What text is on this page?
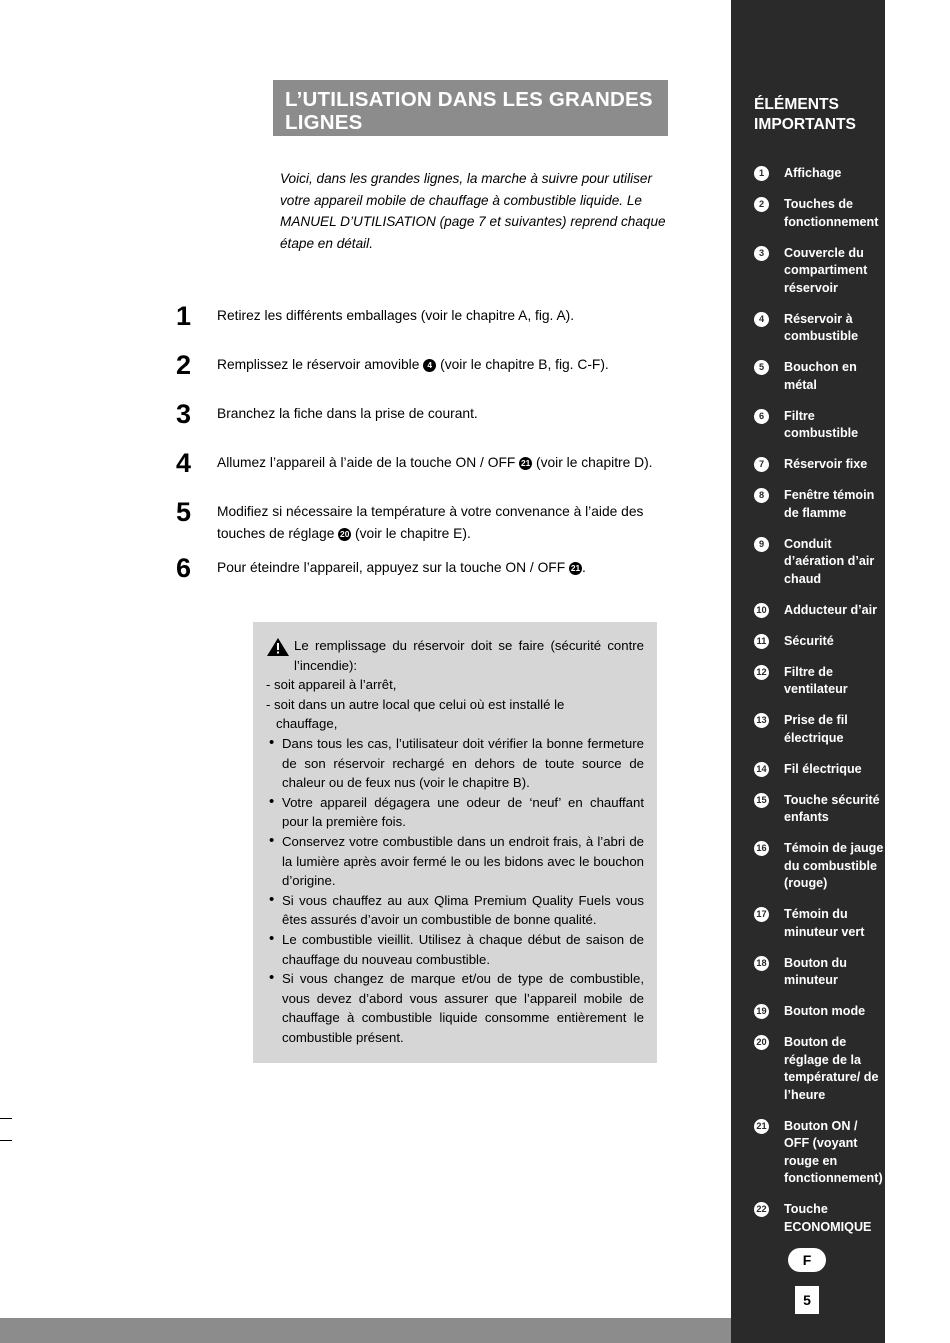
L’UTILISATION DANS LES GRANDES LIGNES
Voici, dans les grandes lignes, la marche à suivre pour utiliser votre appareil mobile de chauffage à combustible liquide. Le MANUEL D’UTILISATION (page 7 et suivantes) reprend chaque étape en détail.
1	Retirez les différents emballages (voir le chapitre A, fig. A).
2	Remplissez le réservoir amovible 4 (voir le chapitre B, fig. C-F).
3	Branchez la fiche dans la prise de courant.
4	Allumez l’appareil à l’aide de la touche ON / OFF 21 (voir le chapitre D).
5	Modifiez si nécessaire la température à votre convenance à l’aide des touches de réglage 20 (voir le chapitre E).
6	Pour éteindre l’appareil, appuyez sur la touche ON / OFF 21 .

Le remplissage du réservoir doit se faire (sécurité contre l’incendie):

- soit appareil à l’arrêt,

- soit dans un autre local que celui où est installé le

chauffage,

• Dans tous les cas, l’utilisateur doit vérifier la bonne fermeture de son réservoir rechargé en dehors de toute source de chaleur ou de feux nus (voir le chapitre B).
• Votre appareil dégagera une odeur de ‘neuf’ en chauffant pour la première fois.
• Conservez votre combustible dans un endroit frais, à l’abri de la lumière après avoir fermé le ou les bidons avec le bouchon d’origine.
• Si vous chauffez au aux Qlima Premium Quality Fuels vous êtes assurés d’avoir un combustible de bonne qualité.
• Le combustible vieillit. Utilisez à chaque début de saison de chauffage du nouveau combustible.
• Si vous changez de marque et/ou de type de combustible, vous devez d’abord vous assurer que l’appareil mobile de chauffage à combustible liquide consomme entièrement le combustible présent.
ÉLÉMENTS
IMPORTANTS
1	Affichage
2	Touches de fonctionnement
3	Couvercle du compartiment réservoir
4	Réservoir à combustible
5	Bouchon en métal
6	Filtre combustible
7	Réservoir fixe
8	Fenêtre témoin de flamme
9	Conduit d’aération d’air chaud
10 Adducteur d’air
11 Sécurité
12 Filtre de ventilateur
13 Prise de fil électrique
14 Fil électrique
15 Touche sécurité enfants
16 Témoin de jauge du combustible (rouge)
17 Témoin du minuteur vert
18 Bouton du minuteur
19 Bouton mode
20 Bouton de réglage de la température/ de l’heure
21 Bouton ON / OFF (voyant rouge en fonctionnement)
22 Touche ECONOMIQUE
F
5
